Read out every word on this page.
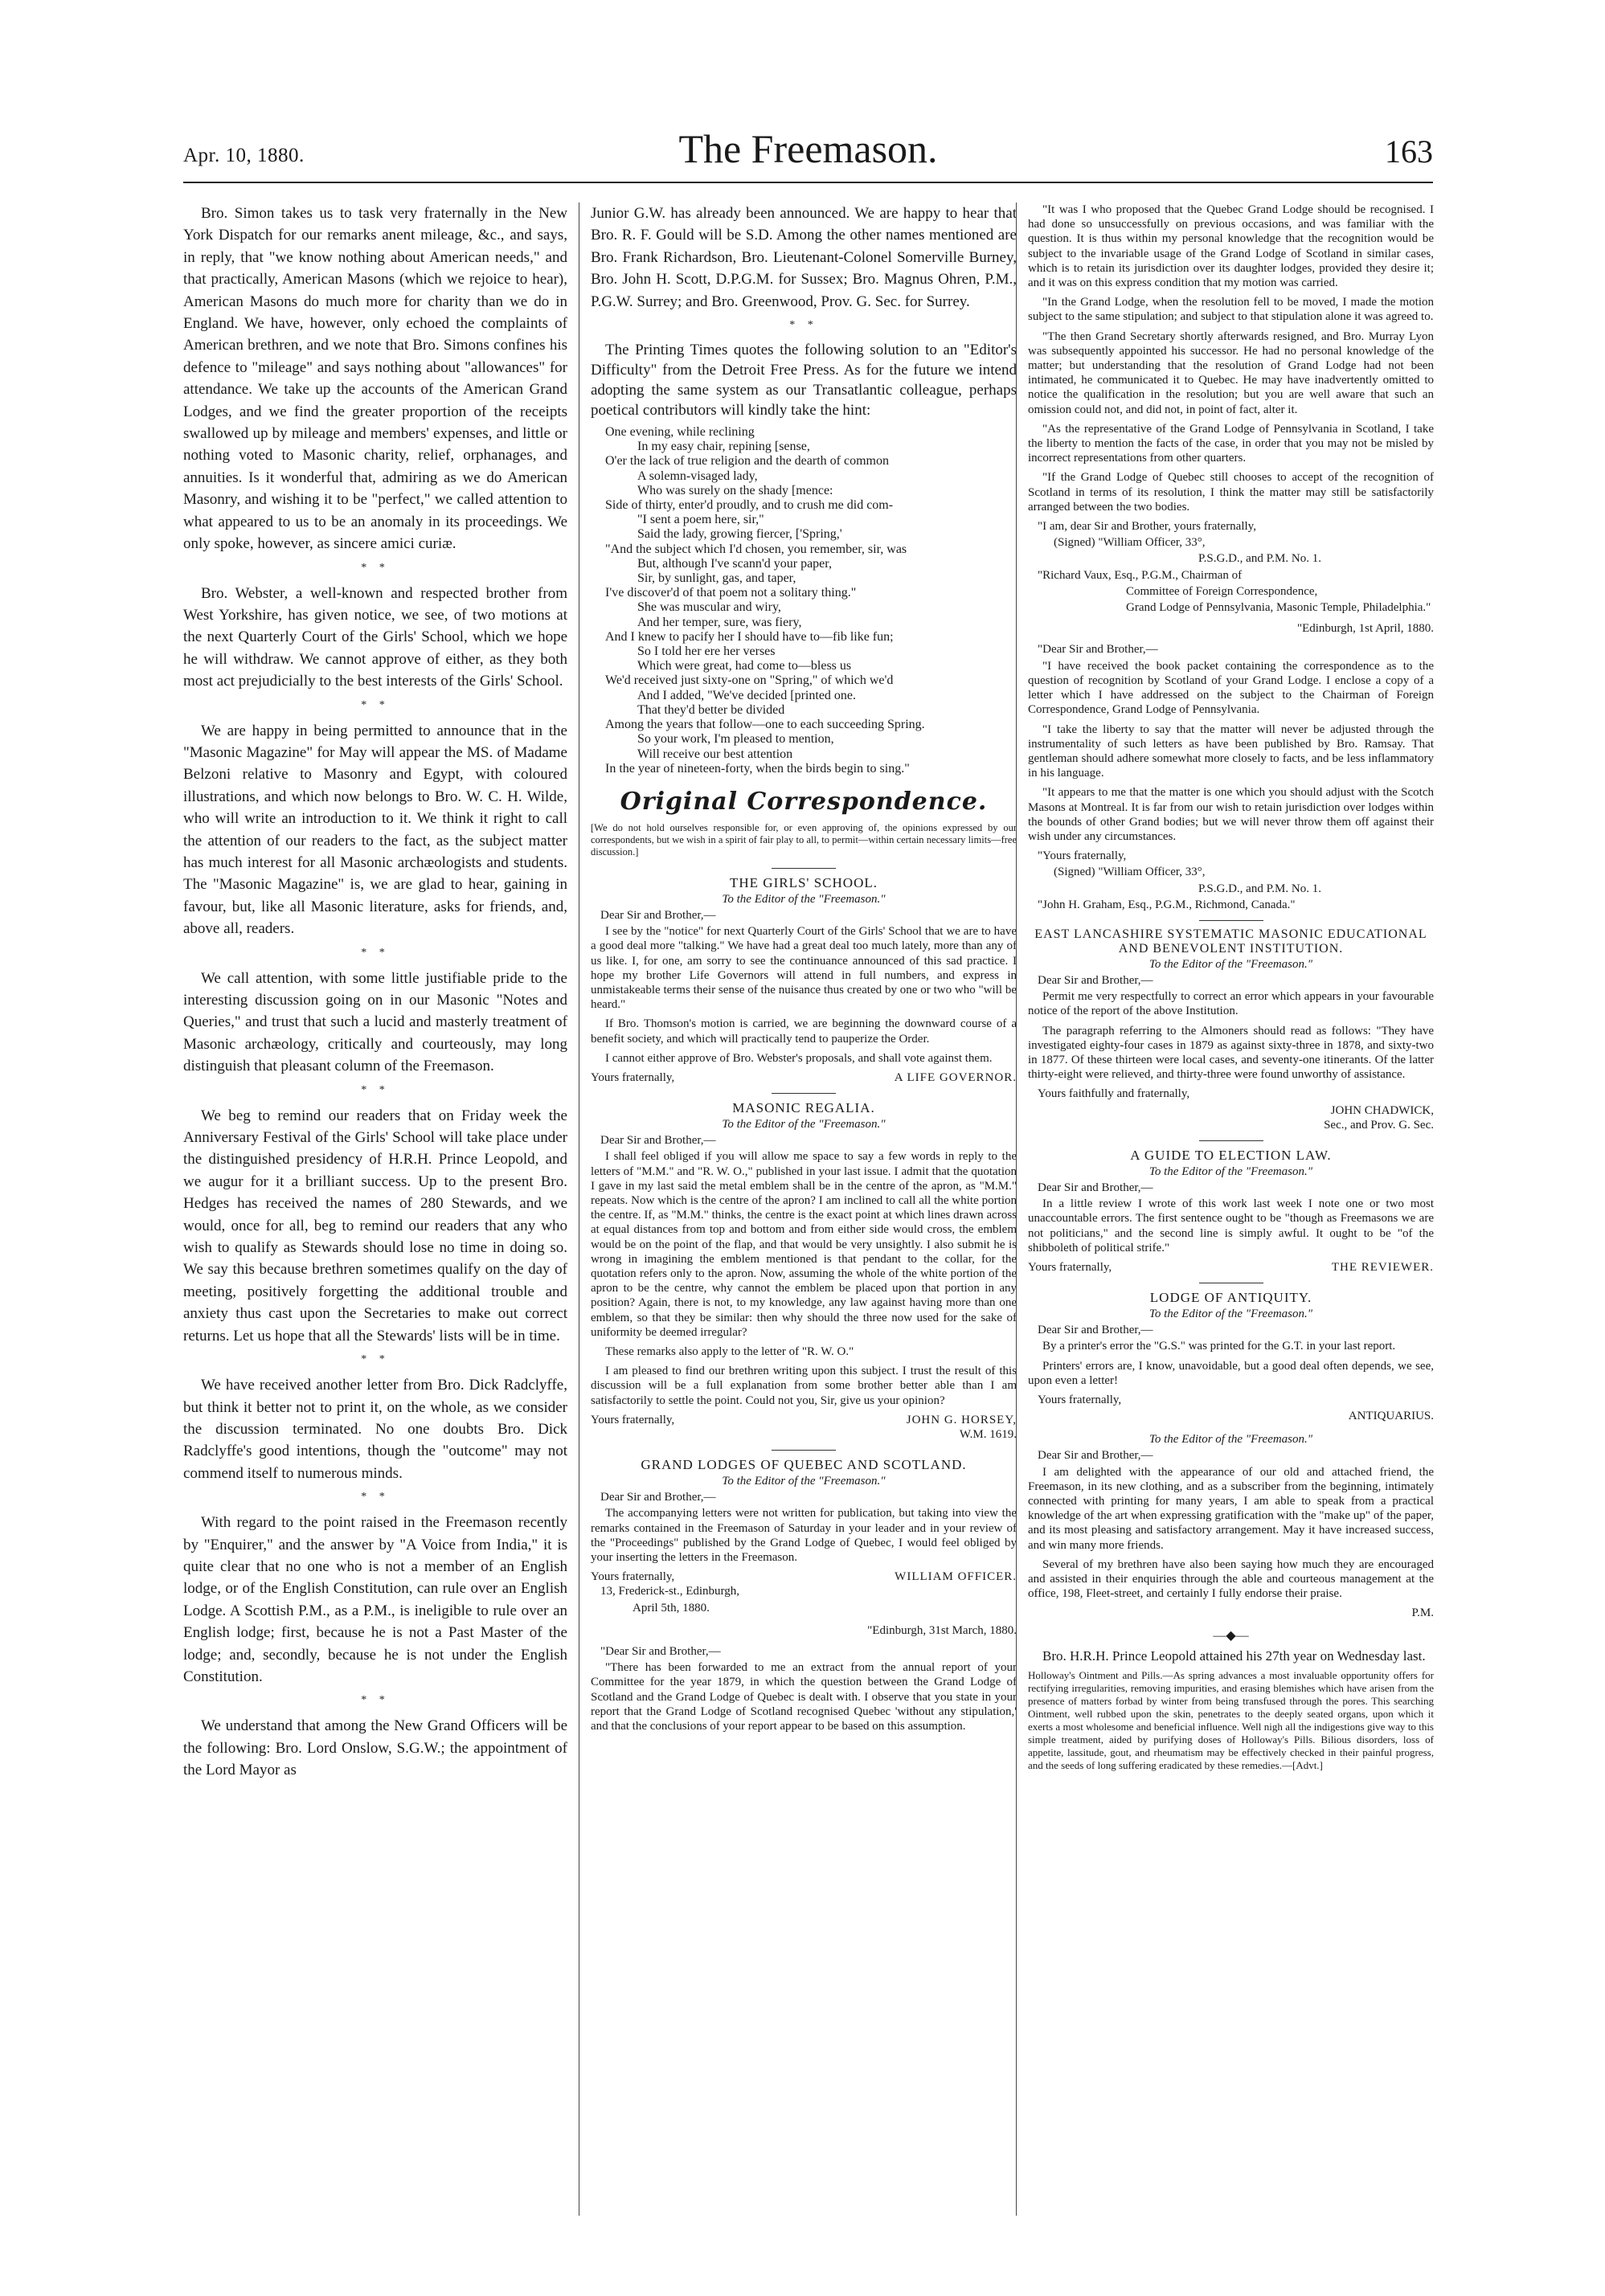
Apr. 10, 1880.	The Freemason.	163

Bro. Simon takes us to task very fraternally in the New York Dispatch for our remarks anent mileage, &c., and says, in reply, that "we know nothing about American needs," and that practically, American Masons (which we rejoice to hear), American Masons do much more for charity than we do in England. We have, however, only echoed the complaints of American brethren, and we note that Bro. Simons confines his defence to "mileage" and says nothing about "allowances" for attendance. We take up the accounts of the American Grand Lodges, and we find the greater proportion of the receipts swallowed up by mileage and members' expenses, and little or nothing voted to Masonic charity, relief, orphanages, and annuities. Is it wonderful that, admiring as we do American Masonry, and wishing it to be "perfect," we called attention to what appeared to us to be an anomaly in its proceedings. We only spoke, however, as sincere amici curiæ.

* *

Bro. Webster, a well-known and respected brother from West Yorkshire, has given notice, we see, of two motions at the next Quarterly Court of the Girls' School, which we hope he will withdraw. We cannot approve of either, as they both most act prejudicially to the best interests of the Girls' School.

* *

We are happy in being permitted to announce that in the "Masonic Magazine" for May will appear the MS. of Madame Belzoni relative to Masonry and Egypt, with coloured illustrations, and which now belongs to Bro. W. C. H. Wilde, who will write an introduction to it. We think it right to call the attention of our readers to the fact, as the subject matter has much interest for all Masonic archæologists and students. The "Masonic Magazine" is, we are glad to hear, gaining in favour, but, like all Masonic literature, asks for friends, and, above all, readers.

* *

We call attention, with some little justifiable pride to the interesting discussion going on in our Masonic "Notes and Queries," and trust that such a lucid and masterly treatment of Masonic archæology, critically and courteously, may long distinguish that pleasant column of the Freemason.

* *

We beg to remind our readers that on Friday week the Anniversary Festival of the Girls' School will take place under the distinguished presidency of H.R.H. Prince Leopold, and we augur for it a brilliant success. Up to the present Bro. Hedges has received the names of 280 Stewards, and we would, once for all, beg to remind our readers that any who wish to qualify as Stewards should lose no time in doing so. We say this because brethren sometimes qualify on the day of meeting, positively forgetting the additional trouble and anxiety thus cast upon the Secretaries to make out correct returns. Let us hope that all the Stewards' lists will be in time.

* *

We have received another letter from Bro. Dick Radclyffe, but think it better not to print it, on the whole, as we consider the discussion terminated. No one doubts Bro. Dick Radclyffe's good intentions, though the "outcome" may not commend itself to numerous minds.

* *

With regard to the point raised in the Freemason recently by "Enquirer," and the answer by "A Voice from India," it is quite clear that no one who is not a member of an English lodge, or of the English Constitution, can rule over an English Lodge. A Scottish P.M., as a P.M., is ineligible to rule over an English lodge; first, because he is not a Past Master of the lodge; and, secondly, because he is not under the English Constitution.

* *

We understand that among the New Grand Officers will be the following: Bro. Lord Onslow, S.G.W.; the appointment of the Lord Mayor as

Junior G.W. has already been announced. We are happy to hear that Bro. R. F. Gould will be S.D. Among the other names mentioned are Bro. Frank Richardson, Bro. Lieutenant-Colonel Somerville Burney, Bro. John H. Scott, D.P.G.M. for Sussex; Bro. Magnus Ohren, P.M., P.G.W. Surrey; and Bro. Greenwood, Prov. G. Sec. for Surrey.

* *

The Printing Times quotes the following solution to an "Editor's Difficulty" from the Detroit Free Press. As for the future we intend adopting the same system as our Transatlantic colleague, perhaps poetical contributors will kindly take the hint:

One evening, while reclining
In my easy chair, repining [sense,
O'er the lack of true religion and the dearth of common
A solemn-visaged lady,
Who was surely on the shady [mence:
Side of thirty, enter'd proudly, and to crush me did com-
"I sent a poem here, sir,"
Said the lady, growing fiercer, ['Spring,'
"And the subject which I'd chosen, you remember, sir, was
But, although I've scann'd your paper,
Sir, by sunlight, gas, and taper,
I've discover'd of that poem not a solitary thing."
She was muscular and wiry,
And her temper, sure, was fiery,
And I knew to pacify her I should have to—fib like fun;
So I told her ere her verses
Which were great, had come to—bless us
We'd received just sixty-one on "Spring," of which we'd
And I added, "We've decided [printed one.
That they'd better be divided
Among the years that follow—one to each succeeding Spring.
So your work, I'm pleased to mention,
Will receive our best attention
In the year of nineteen-forty, when the birds begin to sing."
Original Correspondence.
[We do not hold ourselves responsible for, or even approving of, the opinions expressed by our correspondents, but we wish in a spirit of fair play to all, to permit—within certain necessary limits—free discussion.]
THE GIRLS' SCHOOL.
To the Editor of the "Freemason."
Dear Sir and Brother,—

I see by the "notice" for next Quarterly Court of the Girls' School that we are to have a good deal more "talking." We have had a great deal too much lately, more than any of us like. I, for one, am sorry to see the continuance announced of this sad practice. I hope my brother Life Governors will attend in full numbers, and express in unmistakeable terms their sense of the nuisance thus created by one or two who "will be heard."

If Bro. Thomson's motion is carried, we are beginning the downward course of a benefit society, and which will practically tend to pauperize the Order.

I cannot either approve of Bro. Webster's proposals, and shall vote against them.

Yours fraternally,	A LIFE GOVERNOR.
MASONIC REGALIA.
To the Editor of the "Freemason."
Dear Sir and Brother,—

I shall feel obliged if you will allow me space to say a few words in reply to the letters of "M.M." and "R. W. O.," published in your last issue. I admit that the quotation I gave in my last said the metal emblem shall be in the centre of the apron, as "M.M." repeats. Now which is the centre of the apron? I am inclined to call all the white portion the centre. If, as "M.M." thinks, the centre is the exact point at which lines drawn across at equal distances from top and bottom and from either side would cross, the emblem would be on the point of the flap, and that would be very unsightly. I also submit he is wrong in imagining the emblem mentioned is that pendant to the collar, for the quotation refers only to the apron. Now, assuming the whole of the white portion of the apron to be the centre, why cannot the emblem be placed upon that portion in any position? Again, there is not, to my knowledge, any law against having more than one emblem, so that they be similar: then why should the three now used for the sake of uniformity be deemed irregular?

These remarks also apply to the letter of "R. W. O."

I am pleased to find our brethren writing upon this subject. I trust the result of this discussion will be a full explanation from some brother better able than I am satisfactorily to settle the point. Could not you, Sir, give us your opinion?

Yours fraternally,	JOHN G. HORSEY,
W.M. 1619.
GRAND LODGES OF QUEBEC AND SCOTLAND.
To the Editor of the "Freemason."
Dear Sir and Brother,—

The accompanying letters were not written for publication, but taking into view the remarks contained in the Freemason of Saturday in your leader and in your review of the "Proceedings" published by the Grand Lodge of Quebec, I would feel obliged by your inserting the letters in the Freemason.

Yours fraternally,	WILLIAM OFFICER.
13, Frederick-st., Edinburgh,
April 5th, 1880.
"Edinburgh, 31st March, 1880.
"Dear Sir and Brother,—

"There has been forwarded to me an extract from the annual report of your Committee for the year 1879, in which the question between the Grand Lodge of Scotland and the Grand Lodge of Quebec is dealt with. I observe that you state in your report that the Grand Lodge of Scotland recognised Quebec 'without any stipulation,' and that the conclusions of your report appear to be based on this assumption.

"It was I who proposed that the Quebec Grand Lodge should be recognised. I had done so unsuccessfully on previous occasions, and was familiar with the question. It is thus within my personal knowledge that the recognition would be subject to the invariable usage of the Grand Lodge of Scotland in similar cases, which is to retain its jurisdiction over its daughter lodges, provided they desire it; and it was on this express condition that my motion was carried.

"In the Grand Lodge, when the resolution fell to be moved, I made the motion subject to the same stipulation; and subject to that stipulation alone it was agreed to.

"The then Grand Secretary shortly afterwards resigned, and Bro. Murray Lyon was subsequently appointed his successor. He had no personal knowledge of the matter; but understanding that the resolution of Grand Lodge had not been intimated, he communicated it to Quebec. He may have inadvertently omitted to notice the qualification in the resolution; but you are well aware that such an omission could not, and did not, in point of fact, alter it.

"As the representative of the Grand Lodge of Pennsylvania in Scotland, I take the liberty to mention the facts of the case, in order that you may not be misled by incorrect representations from other quarters.

"If the Grand Lodge of Quebec still chooses to accept of the recognition of Scotland in terms of its resolution, I think the matter may still be satisfactorily arranged between the two bodies.

"I am, dear Sir and Brother, yours fraternally,
(Signed) "William Officer, 33°,
P.S.G.D., and P.M. No. 1.
"Richard Vaux, Esq., P.G.M., Chairman of
Committee of Foreign Correspondence,
Grand Lodge of Pennsylvania, Masonic Temple, Philadelphia."
"Edinburgh, 1st April, 1880.
"Dear Sir and Brother,—

"I have received the book packet containing the correspondence as to the question of recognition by Scotland of your Grand Lodge. I enclose a copy of a letter which I have addressed on the subject to the Chairman of Foreign Correspondence, Grand Lodge of Pennsylvania.

"I take the liberty to say that the matter will never be adjusted through the instrumentality of such letters as have been published by Bro. Ramsay. That gentleman should adhere somewhat more closely to facts, and be less inflammatory in his language.

"It appears to me that the matter is one which you should adjust with the Scotch Masons at Montreal. It is far from our wish to retain jurisdiction over lodges within the bounds of other Grand bodies; but we will never throw them off against their wish under any circumstances.

"Yours fraternally,
(Signed) "William Officer, 33°,
P.S.G.D., and P.M. No. 1.
"John H. Graham, Esq., P.G.M., Richmond, Canada."
EAST LANCASHIRE SYSTEMATIC MASONIC EDUCATIONAL AND BENEVOLENT INSTITUTION.
To the Editor of the "Freemason."
Dear Sir and Brother,—

Permit me very respectfully to correct an error which appears in your favourable notice of the report of the above Institution.

The paragraph referring to the Almoners should read as follows: "They have investigated eighty-four cases in 1879 as against sixty-three in 1878, and sixty-two in 1877. Of these thirteen were local cases, and seventy-one itinerants. Of the latter thirty-eight were relieved, and thirty-three were found unworthy of assistance.

Yours faithfully and fraternally,
JOHN CHADWICK,
Sec., and Prov. G. Sec.
A GUIDE TO ELECTION LAW.
To the Editor of the "Freemason."
Dear Sir and Brother,—

In a little review I wrote of this work last week I note one or two most unaccountable errors. The first sentence ought to be "though as Freemasons we are not politicians," and the second line is simply awful. It ought to be "of the shibboleth of political strife."

Yours fraternally,	THE REVIEWER.
LODGE OF ANTIQUITY.
To the Editor of the "Freemason."
Dear Sir and Brother,—

By a printer's error the "G.S." was printed for the G.T. in your last report.

Printers' errors are, I know, unavoidable, but a good deal often depends, we see, upon even a letter!

Yours fraternally,
ANTIQUARIUS.
To the Editor of the "Freemason."
Dear Sir and Brother,—

I am delighted with the appearance of our old and attached friend, the Freemason, in its new clothing, and as a subscriber from the beginning, intimately connected with printing for many years, I am able to speak from a practical knowledge of the art when expressing gratification with the "make up" of the paper, and its most pleasing and satisfactory arrangement. May it have increased success, and win many more friends.

Several of my brethren have also been saying how much they are encouraged and assisted in their enquiries through the able and courteous management at the office, 198, Fleet-street, and certainly I fully endorse their praise.

P.M.
—◆—

Bro. H.R.H. Prince Leopold attained his 27th year on Wednesday last.

Holloway's Ointment and Pills.—As spring advances a most invaluable opportunity offers for rectifying irregularities, removing impurities, and erasing blemishes which have arisen from the presence of matters forbad by winter from being transfused through the pores. This searching Ointment, well rubbed upon the skin, penetrates to the deeply seated organs, upon which it exerts a most wholesome and beneficial influence. Well nigh all the indigestions give way to this simple treatment, aided by purifying doses of Holloway's Pills. Bilious disorders, loss of appetite, lassitude, gout, and rheumatism may be effectively checked in their painful progress, and the seeds of long suffering eradicated by these remedies.—[Advt.]
